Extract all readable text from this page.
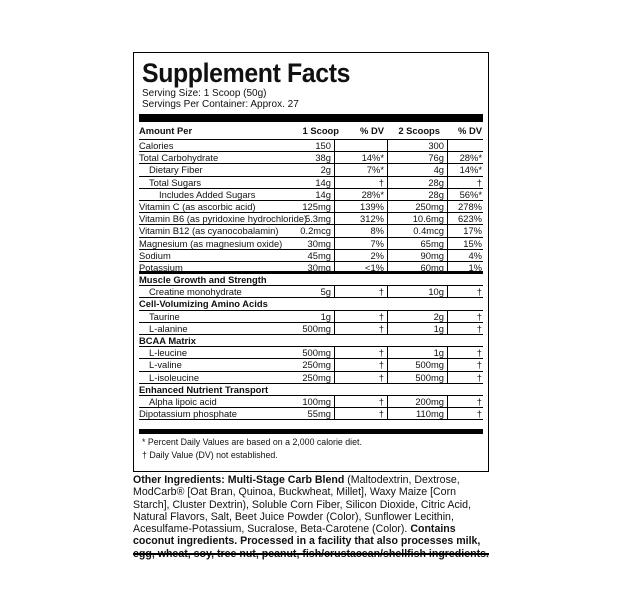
Supplement Facts
Serving Size: 1 Scoop (50g)
Servings Per Container: Approx. 27
Amount Per	1 Scoop % DV 2 Scoops % DV
Calories	150	300
Total Carbohydrate	38g	14%*	76g 28%*
Dietary Fiber	2g	7%*	4g 14%*
Total Sugars	14g	†	28g	†
Includes Added Sugars	14g	28%*	28g 56%*
Vitamin C (as ascorbic acid)	125mg	139%	250mg 278%
Vitamin B6 (as pyridoxine hydrochloride)
5.3mg	312%	10.6mg 623%
Vitamin B12 (as cyanocobalamin) 0.2mcg	8%	0.4mcg 17%
Magnesium (as magnesium oxide)	30mg	7%	65mg 15%
Sodium	45mg	2%	90mg	4%
Potassium	30mg	<1%	60mg	1%
Muscle Growth and Strength
Creatine monohydrate	5g	†	10g	†
Cell-Volumizing Amino Acids
Taurine	1g	†	2g	†
L-alanine	500mg	†	1g	†
BCAA Matrix
L-leucine	500mg	†	1g	†
L-valine	250mg	†	500mg	†
L-isoleucine	250mg	†	500mg	†
Enhanced Nutrient Transport
Alpha lipoic acid	100mg	†	200mg	†
Dipotassium phosphate	55mg	†	110mg	†
* Percent Daily Values are based on a 2,000 calorie diet.
† Daily Value (DV) not established.
Other Ingredients: Multi-Stage Carb Blend (Maltodextrin, Dextrose, ModCarb® [Oat Bran, Quinoa, Buckwheat, Millet], Waxy Maize [Corn Starch], Cluster Dextrin), Soluble Corn Fiber, Silicon Dioxide, Citric Acid, Natural Flavors, Salt, Beet Juice Powder (Color), Sunflower Lecithin, Acesulfame-Potassium, Sucralose, Beta-Carotene (Color). Contains coconut ingredients. Processed in a facility that also processes milk,
